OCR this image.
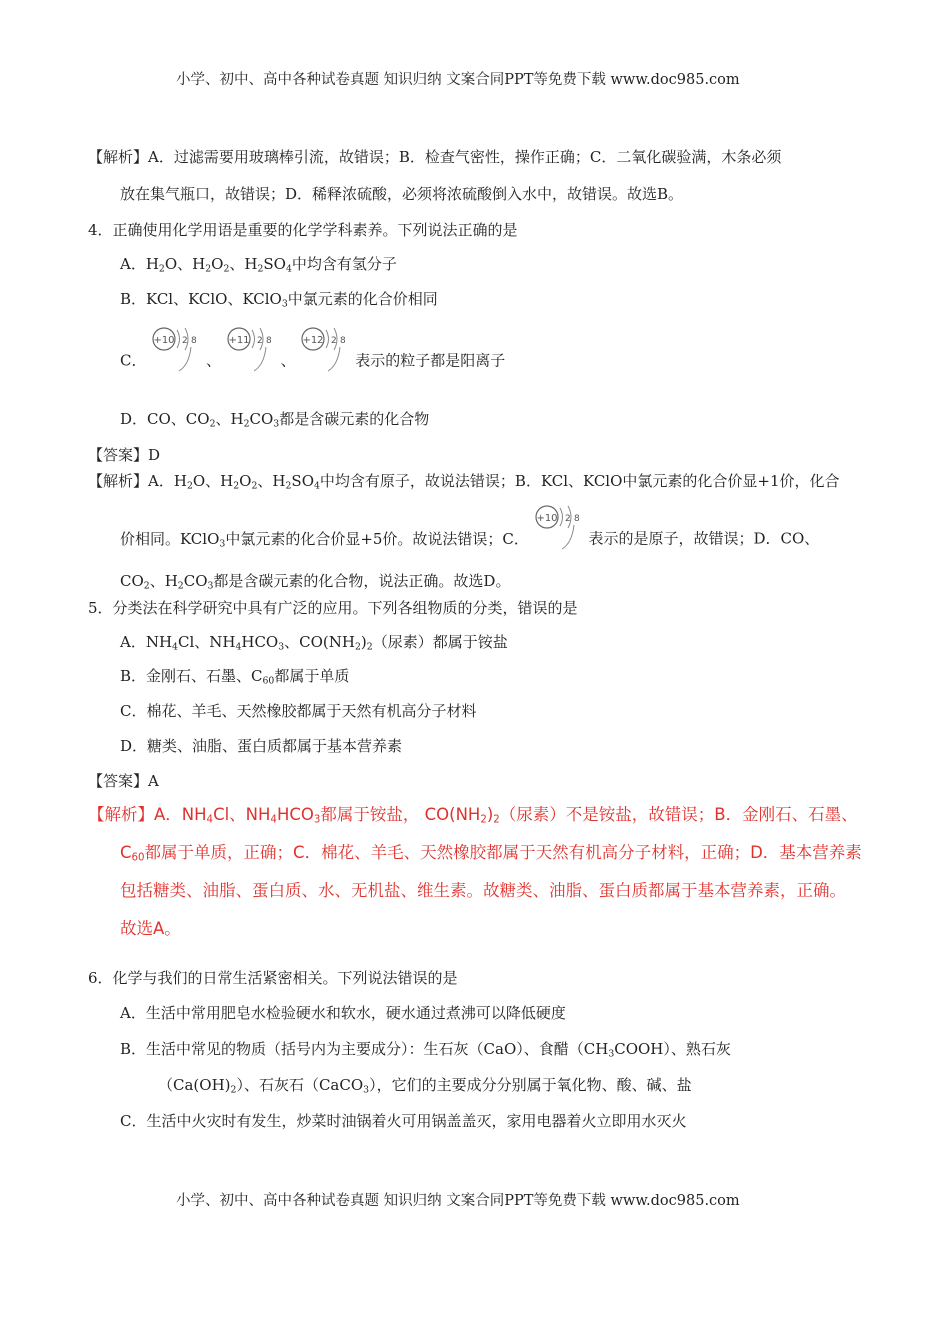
小学、初中、高中各种试卷真题 知识归纳 文案合同PPT等免费下载 www.doc985.com
【解析】A．过滤需要用玻璃棒引流，故错误；B．检查气密性，操作正确；C．二氧化碳验满，木条必须
放在集气瓶口，故错误；D．稀释浓硫酸，必须将浓硫酸倒入水中，故错误。故选B。
4．正确使用化学用语是重要的化学学科素养。下列说法正确的是
A．$H_2O$、$H_2O_2$、$H_2SO_4$中均含有氢分子
B．KCl、KClO、KClO$_3$中氯元素的化合价相同
C．
+10 2 8
、
+11 2 8
、
+12 2 8
表示的粒子都是阳离子
D．CO、$CO_2$、$H_2CO_3$都是含碳元素的化合物
【答案】D
【解析】A．$H_2O$、$H_2O_2$、$H_2SO_4$中均含有原子，故说法错误；B．KCl、KClO中氯元素的化合价显+1价，化合
价相同。KClO$_3$中氯元素的化合价显+5价。故说法错误；C．
+10 2 8
表示的是原子，故错误；D．CO、
$CO_2$、$H_2CO_3$都是含碳元素的化合物，说法正确。故选D。
5．分类法在科学研究中具有广泛的应用。下列各组物质的分类，错误的是
A．$NH_4Cl$、$NH_4HCO_3$、$CO(NH_2)_2$（尿素）都属于铵盐
B．金刚石、石墨、$C_{60}$都属于单质
C．棉花、羊毛、天然橡胶都属于天然有机高分子材料
D．糖类、油脂、蛋白质都属于基本营养素
【答案】A
【解析】A．$NH_4Cl$、$NH_4HCO_3$都属于铵盐， $CO(NH_2)_2$（尿素）不是铵盐，故错误；B．金刚石、石墨、
$C_{60}$都属于单质，正确；C．棉花、羊毛、天然橡胶都属于天然有机高分子材料，正确；D．基本营养素
包括糖类、油脂、蛋白质、水、无机盐、维生素。故糖类、油脂、蛋白质都属于基本营养素，正确。
故选A。
6．化学与我们的日常生活紧密相关。下列说法错误的是
A．生活中常用肥皂水检验硬水和软水，硬水通过煮沸可以降低硬度
B．生活中常见的物质（括号内为主要成分）：生石灰（CaO）、食醋$(CH_3COOH)$、熟石灰
$(Ca(OH)_2)$、石灰石（CaCO$_3$），它们的主要成分分别属于氧化物、酸、碱、盐
C．生活中火灾时有发生，炒菜时油锅着火可用锅盖盖灭，家用电器着火立即用水灭火
小学、初中、高中各种试卷真题 知识归纳 文案合同PPT等免费下载 www.doc985.com
